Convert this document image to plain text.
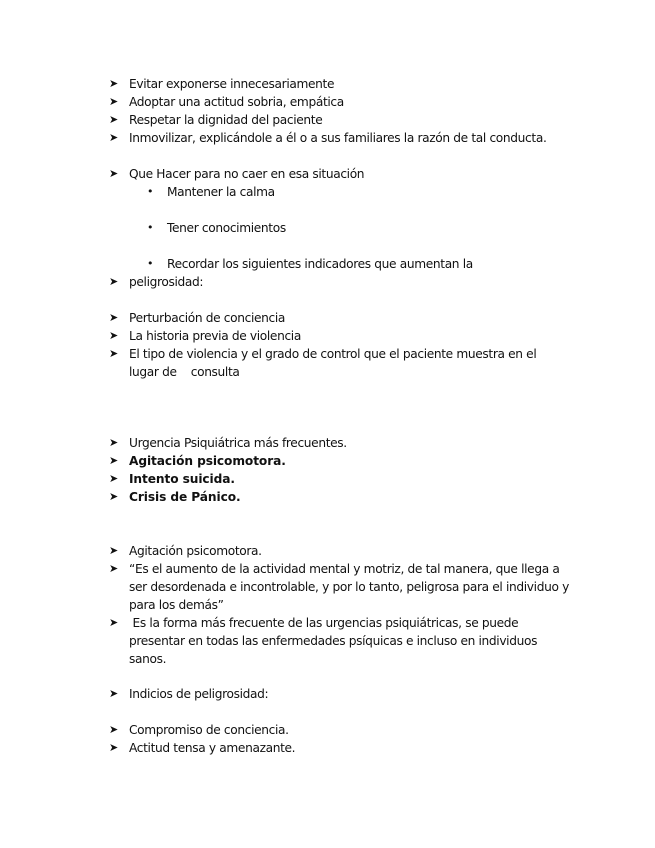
➤ Evitar exponerse innecesariamente
➤ Adoptar una actitud sobria, empática
➤ Respetar la dignidad del paciente
➤ Inmovilizar, explicándole a él o a sus familiares la razón de tal conducta.
➤ Que Hacer para no caer en esa situación
• Mantener la calma
• Tener conocimientos
• Recordar los siguientes indicadores que aumentan la
➤ peligrosidad:
➤ Perturbación de conciencia
➤ La historia previa de violencia
➤ El tipo de violencia y el grado de control que el paciente muestra en el lugar de    consulta
➤ Urgencia Psiquiátrica más frecuentes.
➤ Agitación psicomotora.
➤ Intento suicida.
➤ Crisis de Pánico.
➤ Agitación psicomotora.
➤ “Es el aumento de la actividad mental y motriz, de tal manera, que llega a ser desordenada e incontrolable, y por lo tanto, peligrosa para el individuo y para los demás”
➤ Es la forma más frecuente de las urgencias psiquiátricas, se puede presentar en todas las enfermedades psíquicas e incluso en individuos sanos.
➤ Indicios de peligrosidad:
➤ Compromiso de conciencia.
➤ Actitud tensa y amenazante.
